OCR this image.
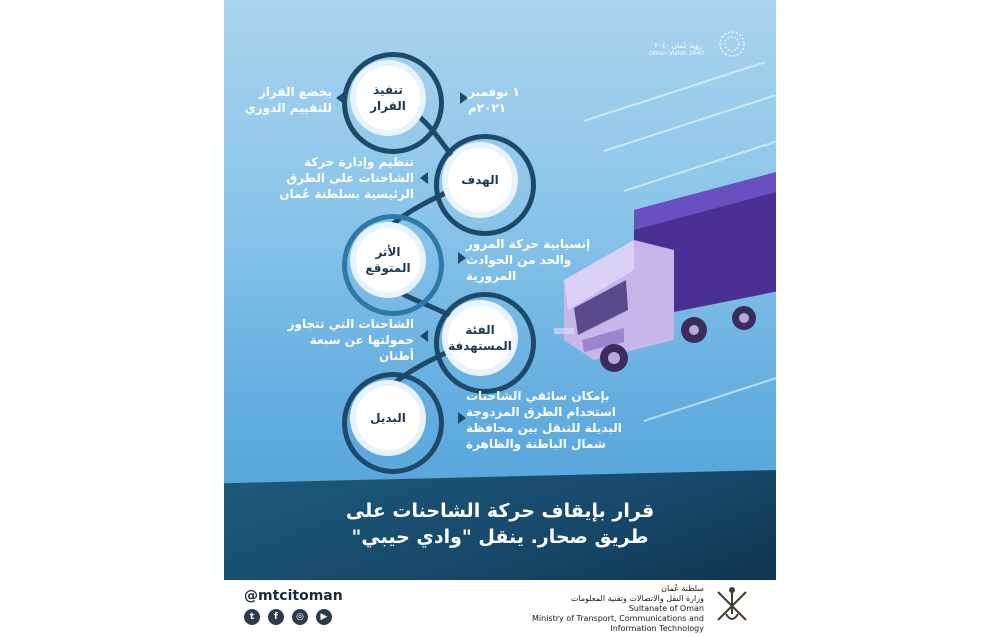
رؤية عُمان ٢٠٤٠
Oman Vision 2040
تنفيذ
القرار
١ نوفمبر ٢٠٢١م
يخضع القرار
للتقييم الدوري
الهدف
تنظيم وإدارة حركة
الشاحنات على الطرق
الرئيسية بسلطنة عُمان
الأثر
المتوقع
إنسيابية حركة المرور
والحد من الحوادث
المرورية
الفئة
المستهدفة
الشاحنات التي تتجاوز
حمولتها عن سبعة
أطنان
البديل
بإمكان سائقي الشاحنات
استخدام الطرق المزدوجة
البديلة للتنقل بين محافظة
شمال الباطنة والظاهرة
قرار بإيقاف حركة الشاحنات على
طريق صحار. ينقل "وادي حيبي"
@mtcitoman
t	f	◎	▶
سلطنة عُمان
وزارة النقل والاتصالات وتقنية المعلومات
Sultanate of Oman
Ministry of Transport, Communications and
Information Technology
